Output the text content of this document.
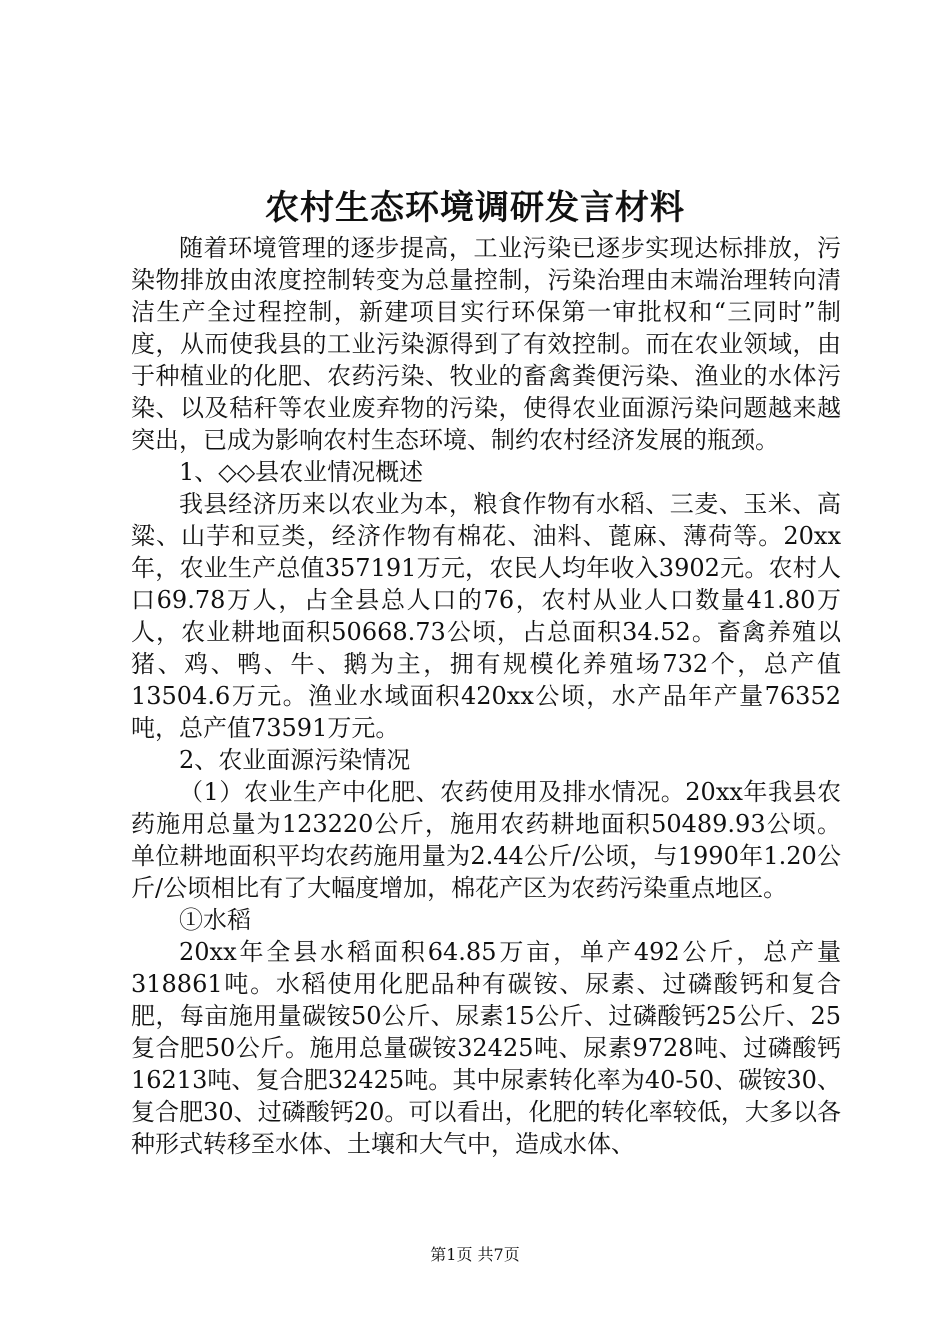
农村生态环境调研发言材料

随着环境管理的逐步提高，工业污染已逐步实现达标排放，污染物排放由浓度控制转变为总量控制，污染治理由末端治理转向清洁生产全过程控制，新建项目实行环保第一审批权和“三同时”制度，从而使我县的工业污染源得到了有效控制。而在农业领域，由于种植业的化肥、农药污染、牧业的畜禽粪便污染、渔业的水体污染、以及秸秆等农业废弃物的污染，使得农业面源污染问题越来越突出，已成为影响农村生态环境、制约农村经济发展的瓶颈。

1、◇◇县农业情况概述

我县经济历来以农业为本，粮食作物有水稻、三麦、玉米、高粱、山芋和豆类，经济作物有棉花、油料、蓖麻、薄荷等。20xx年，农业生产总值357191万元，农民人均年收入3902元。农村人口69.78万人，占全县总人口的76，农村从业人口数量41.80万人，农业耕地面积50668.73公顷，占总面积34.52。畜禽养殖以猪、鸡、鸭、牛、鹅为主，拥有规模化养殖场732个，总产值13504.6万元。渔业水域面积420xx公顷，水产品年产量76352吨，总产值73591万元。

2、农业面源污染情况

（1）农业生产中化肥、农药使用及排水情况。20xx年我县农药施用总量为123220公斤，施用农药耕地面积50489.93公顷。单位耕地面积平均农药施用量为2.44公斤/公顷，与1990年1.20公斤/公顷相比有了大幅度增加，棉花产区为农药污染重点地区。

①水稻

20xx年全县水稻面积64.85万亩，单产492公斤，总产量318861吨。水稻使用化肥品种有碳铵、尿素、过磷酸钙和复合肥，每亩施用量碳铵50公斤、尿素15公斤、过磷酸钙25公斤、25复合肥50公斤。施用总量碳铵32425吨、尿素9728吨、过磷酸钙16213吨、复合肥32425吨。其中尿素转化率为40-50、碳铵30、复合肥30、过磷酸钙20。可以看出，化肥的转化率较低，大多以各种形式转移至水体、土壤和大气中，造成水体、

第1页 共7页
